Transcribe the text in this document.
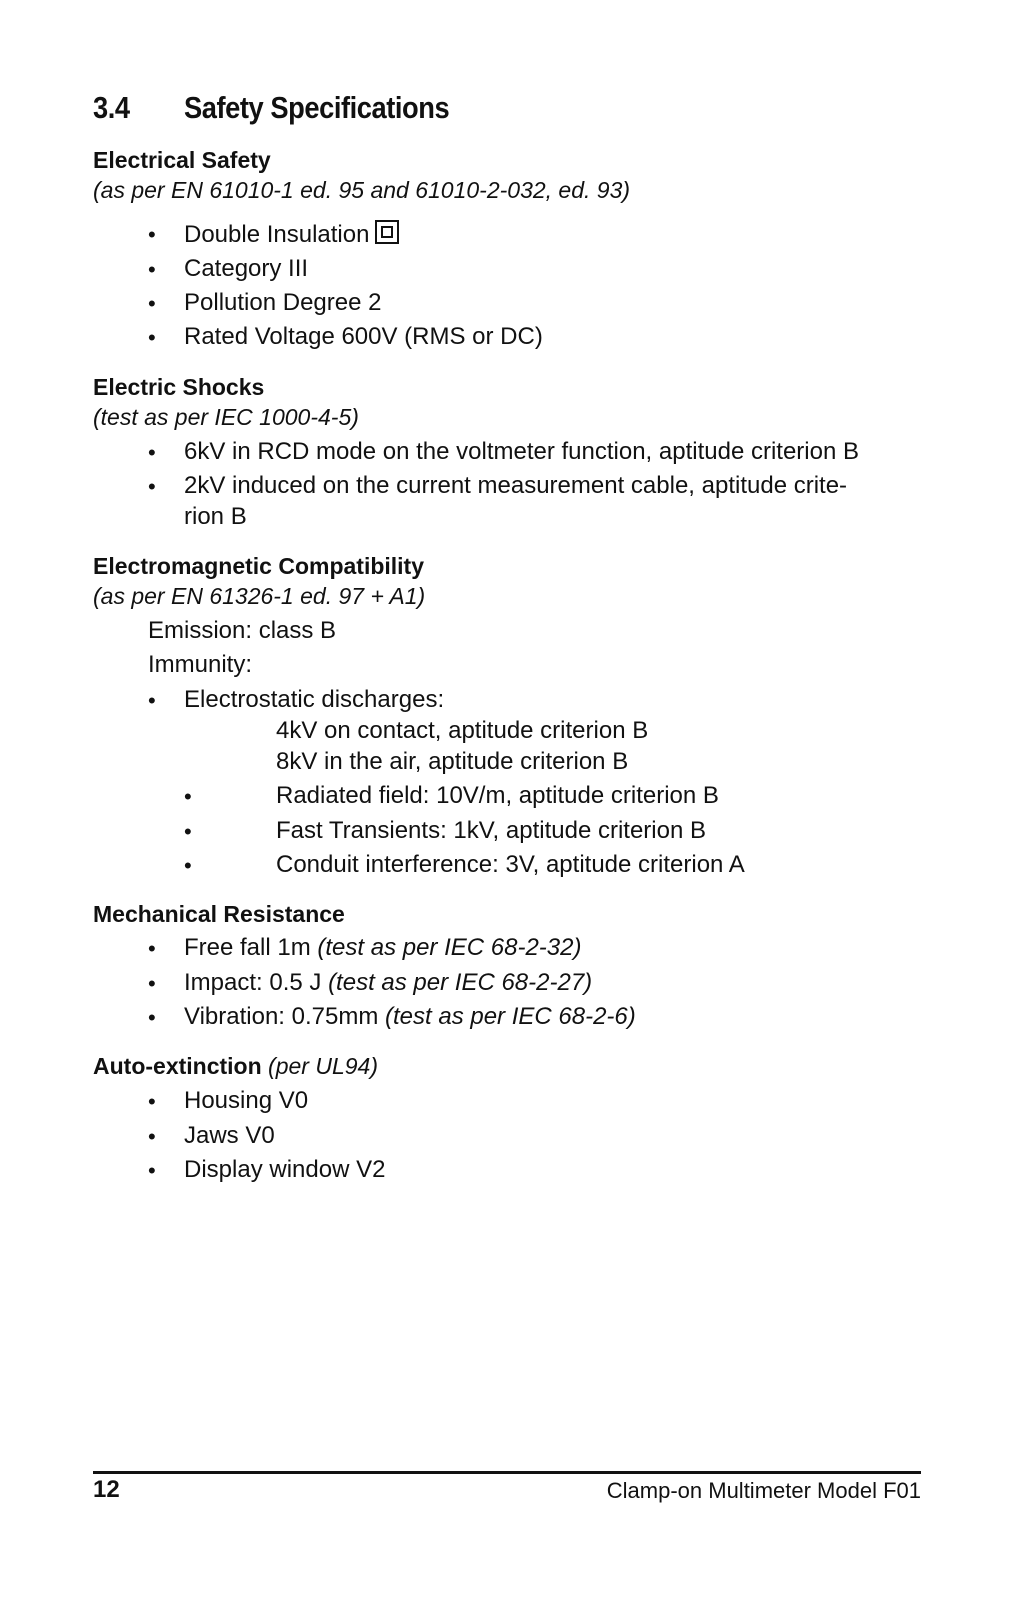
3.4 Safety Specifications
Electrical Safety
(as per EN 61010-1 ed. 95 and 61010-2-032, ed. 93)
• Double Insulation
• Category III
• Pollution Degree 2
• Rated Voltage 600V (RMS or DC)
Electric Shocks
(test as per IEC 1000-4-5)
• 6kV in RCD mode on the voltmeter function, aptitude criterion B
• 2kV induced on the current measurement cable, aptitude crite-
rion B
Electromagnetic Compatibility
(as per EN 61326-1 ed. 97 + A1)
Emission: class B
Immunity:
• Electrostatic discharges:
4kV on contact, aptitude criterion B
8kV in the air, aptitude criterion B
•	Radiated field: 10V/m, aptitude criterion B
•	Fast Transients: 1kV, aptitude criterion B
•	Conduit interference: 3V, aptitude criterion A
Mechanical Resistance
• Free fall 1m (test as per IEC 68-2-32)
• Impact: 0.5 J (test as per IEC 68-2-27)
• Vibration: 0.75mm (test as per IEC 68-2-6)
Auto-extinction (per UL94)
• Housing V0
• Jaws V0
• Display window V2
12	Clamp-on Multimeter Model F01
